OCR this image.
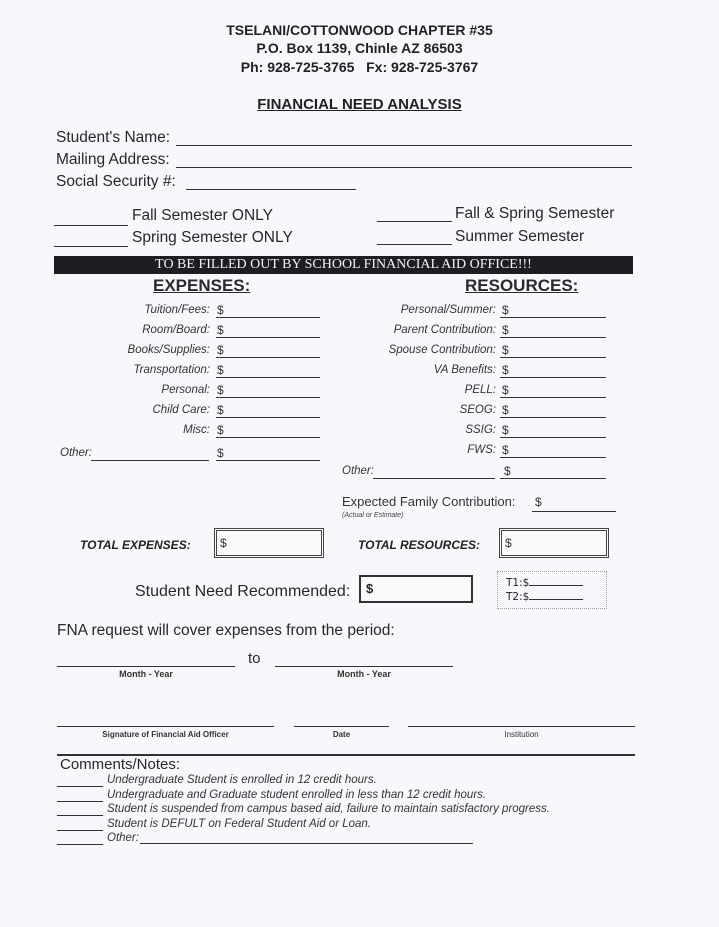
TSELANI/COTTONWOOD CHAPTER #35
P.O. Box 1139, Chinle AZ 86503
Ph: 928-725-3765 Fx: 928-725-3767
FINANCIAL NEED ANALYSIS
Student's Name:
Mailing Address:
Social Security #:
Fall Semester ONLY
Spring Semester ONLY
Fall & Spring Semester
Summer Semester
TO BE FILLED OUT BY SCHOOL FINANCIAL AID OFFICE!!!
EXPENSES:	RESOURCES:
Tuition/Fees: $
Room/Board: $
Books/Supplies: $
Transportation: $
Personal: $
Child Care: $
Misc: $
Other:	$
Personal/Summer: $
Parent Contribution: $
Spouse Contribution: $
VA Benefits: $
PELL: $
SEOG: $
SSIG: $
FWS: $
Other:	$
Expected Family Contribution: $
(Actual or Estimate)
TOTAL EXPENSES:	$	TOTAL RESOURCES:	$
Student Need Recommended:	$	T1:$
T2:$
FNA request will cover expenses from the period:
to
Month - Year	Month - Year
Signature of Financial Aid Officer	Date	Institution
Comments/Notes:
Undergraduate Student is enrolled in 12 credit hours.
Undergraduate and Graduate student enrolled in less than 12 credit hours.
Student is suspended from campus based aid, failure to maintain satisfactory progress.
Student is DEFULT on Federal Student Aid or Loan.
Other:
